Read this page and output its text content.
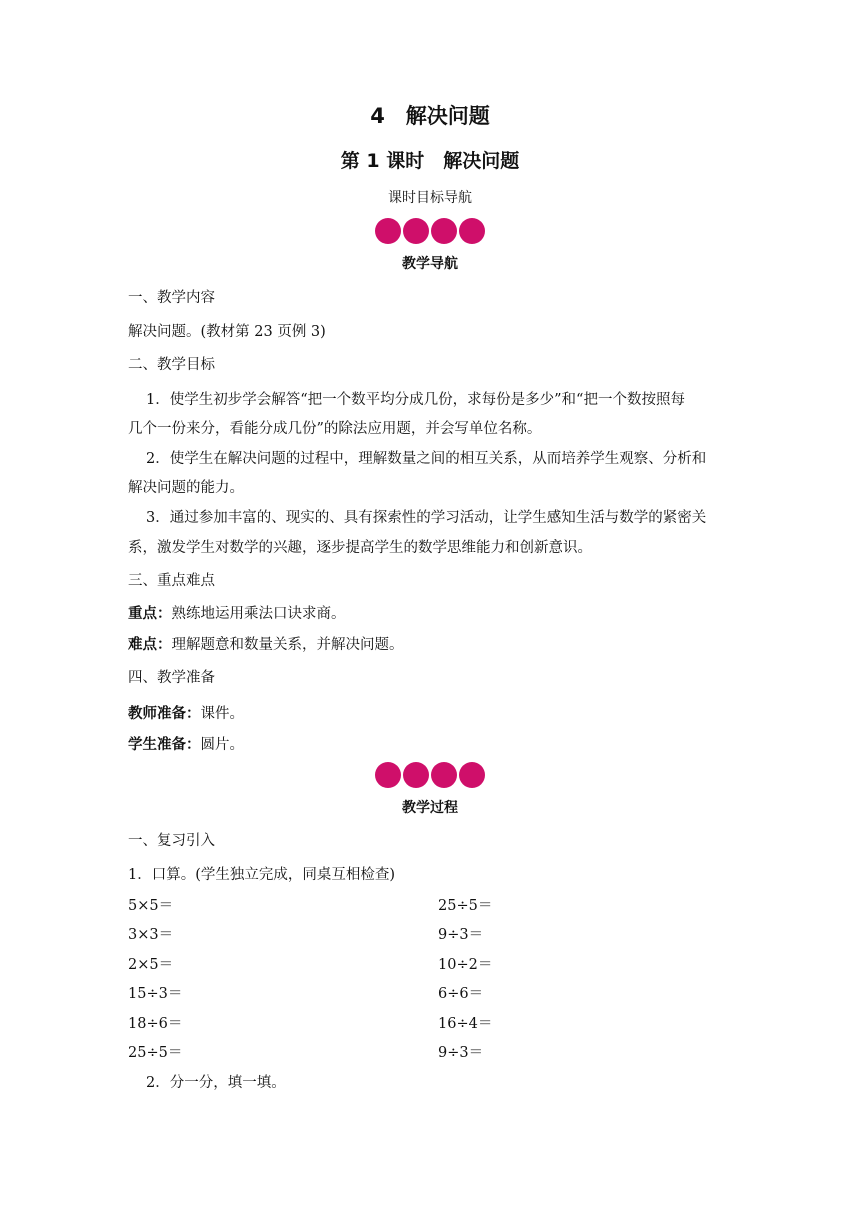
4　解决问题
第 1 课时　解决问题
课时目标导航
教学导航
一、教学内容
解决问题。(教材第 23 页例 3)
二、教学目标
1．使学生初步学会解答“把一个数平均分成几份，求每份是多少”和“把一个数按照每
几个一份来分，看能分成几份”的除法应用题，并会写单位名称。
2．使学生在解决问题的过程中，理解数量之间的相互关系，从而培养学生观察、分析和
解决问题的能力。
3．通过参加丰富的、现实的、具有探索性的学习活动，让学生感知生活与数学的紧密关
系，激发学生对数学的兴趣，逐步提高学生的数学思维能力和创新意识。
三、重点难点
重点：熟练地运用乘法口诀求商。
难点：理解题意和数量关系，并解决问题。
四、教学准备
教师准备：课件。
学生准备：圆片。
教学过程
一、复习引入
1．口算。(学生独立完成，同桌互相检查)
5×5＝	25÷5＝
3×3＝	9÷3＝
2×5＝	10÷2＝
15÷3＝	6÷6＝
18÷6＝	16÷4＝
25÷5＝	9÷3＝
2．分一分，填一填。
